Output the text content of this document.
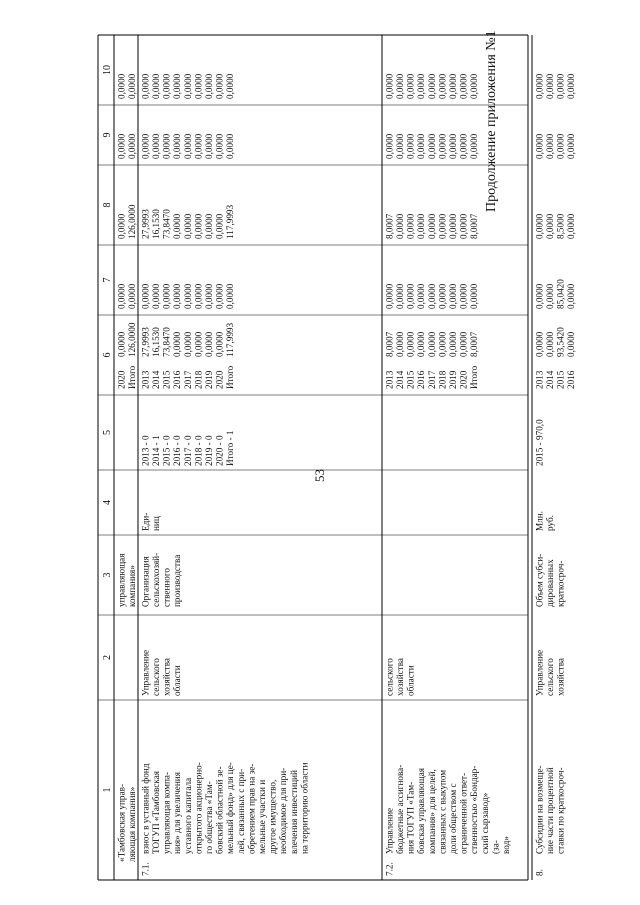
53
Продолжение приложения №1
1
2
3
4
5
6
7
8
9
10
«Тамбовская управ- ляющая компания»
управляющая компания»
2020 Итого
0,0000 0,0000
0,0000 126,0000
0,0000 0,0000
0,0000 0,0000
0,0000 126,0000
7.1.
взнос в уставный фонд ТОГУП «Тамбовская управляющая компа- ния» для увеличения уставного капитала открытого акционерно- го общества «Там- бовский областной зе- мельный фонд» для це- лей, связанных с при- обретением прав на зе- мельные участки и другое имущество, необходимое для при- влечения инвестиций на территорию области
Управление сельского хозяйства области
Организация сельскохозяй- ственного производства
Еди- ниц
2013 - 0 2014 - 1 2015 - 0 2016 - 0 2017 - 0 2018 - 0 2019 - 0 2020 - 0 Итого - 1
2013 2014 2015 2016 2017 2018 2019 2020 Итого
27,9993 16,1530 73,8470 0,0000 0,0000 0,0000 0,0000 0,0000 117,9993
0,0000 0,0000 0,0000 0,0000 0,0000 0,0000 0,0000 0,0000 0,0000
27,9993 16,1530 73,8470 0,0000 0,0000 0,0000 0,0000 0,0000 117,9993
0,0000 0,0000 0,0000 0,0000 0,0000 0,0000 0,0000 0,0000 0,0000
0,0000 0,0000 0,0000 0,0000 0,0000 0,0000 0,0000 0,0000 0,0000
7.2.
Управление бюджетные ассигнова- ния ТОГУП «Там- бовская управляющая компания» для целей, связанных с выкупом доли обществом с ограниченной ответ- ственностью «Бондар- ский сырзавод» (за- вод»
сельского хозяйства области
2013 2014 2015 2016 2017 2018 2019 2020 Итого
8,0007 0,0000 0,0000 0,0000 0,0000 0,0000 0,0000 0,0000 8,0007
0,0000 0,0000 0,0000 0,0000 0,0000 0,0000 0,0000 0,0000 0,0000
8,0007 0,0000 0,0000 0,0000 0,0000 0,0000 0,0000 0,0000 8,0007
0,0000 0,0000 0,0000 0,0000 0,0000 0,0000 0,0000 0,0000 0,0000
0,0000 0,0000 0,0000 0,0000 0,0000 0,0000 0,0000 0,0000 0,0000
8.
Субсидии на возмеще- ние части процентной ставки по краткосроч-
Управление сельского хозяйства
Объем субси- дированных краткосроч-
Млн. руб.
2015 - 970,0
2013 2014 2015 2016
0,0000 0,0000 93,5420 0,0000
0,0000 0,0000 85,0420 0,0000
0,0000 0,0000 8,5000 0,0000
0,0000 0,0000 0,0000 0,0000
0,0000 0,0000 0,0000 0,0000
